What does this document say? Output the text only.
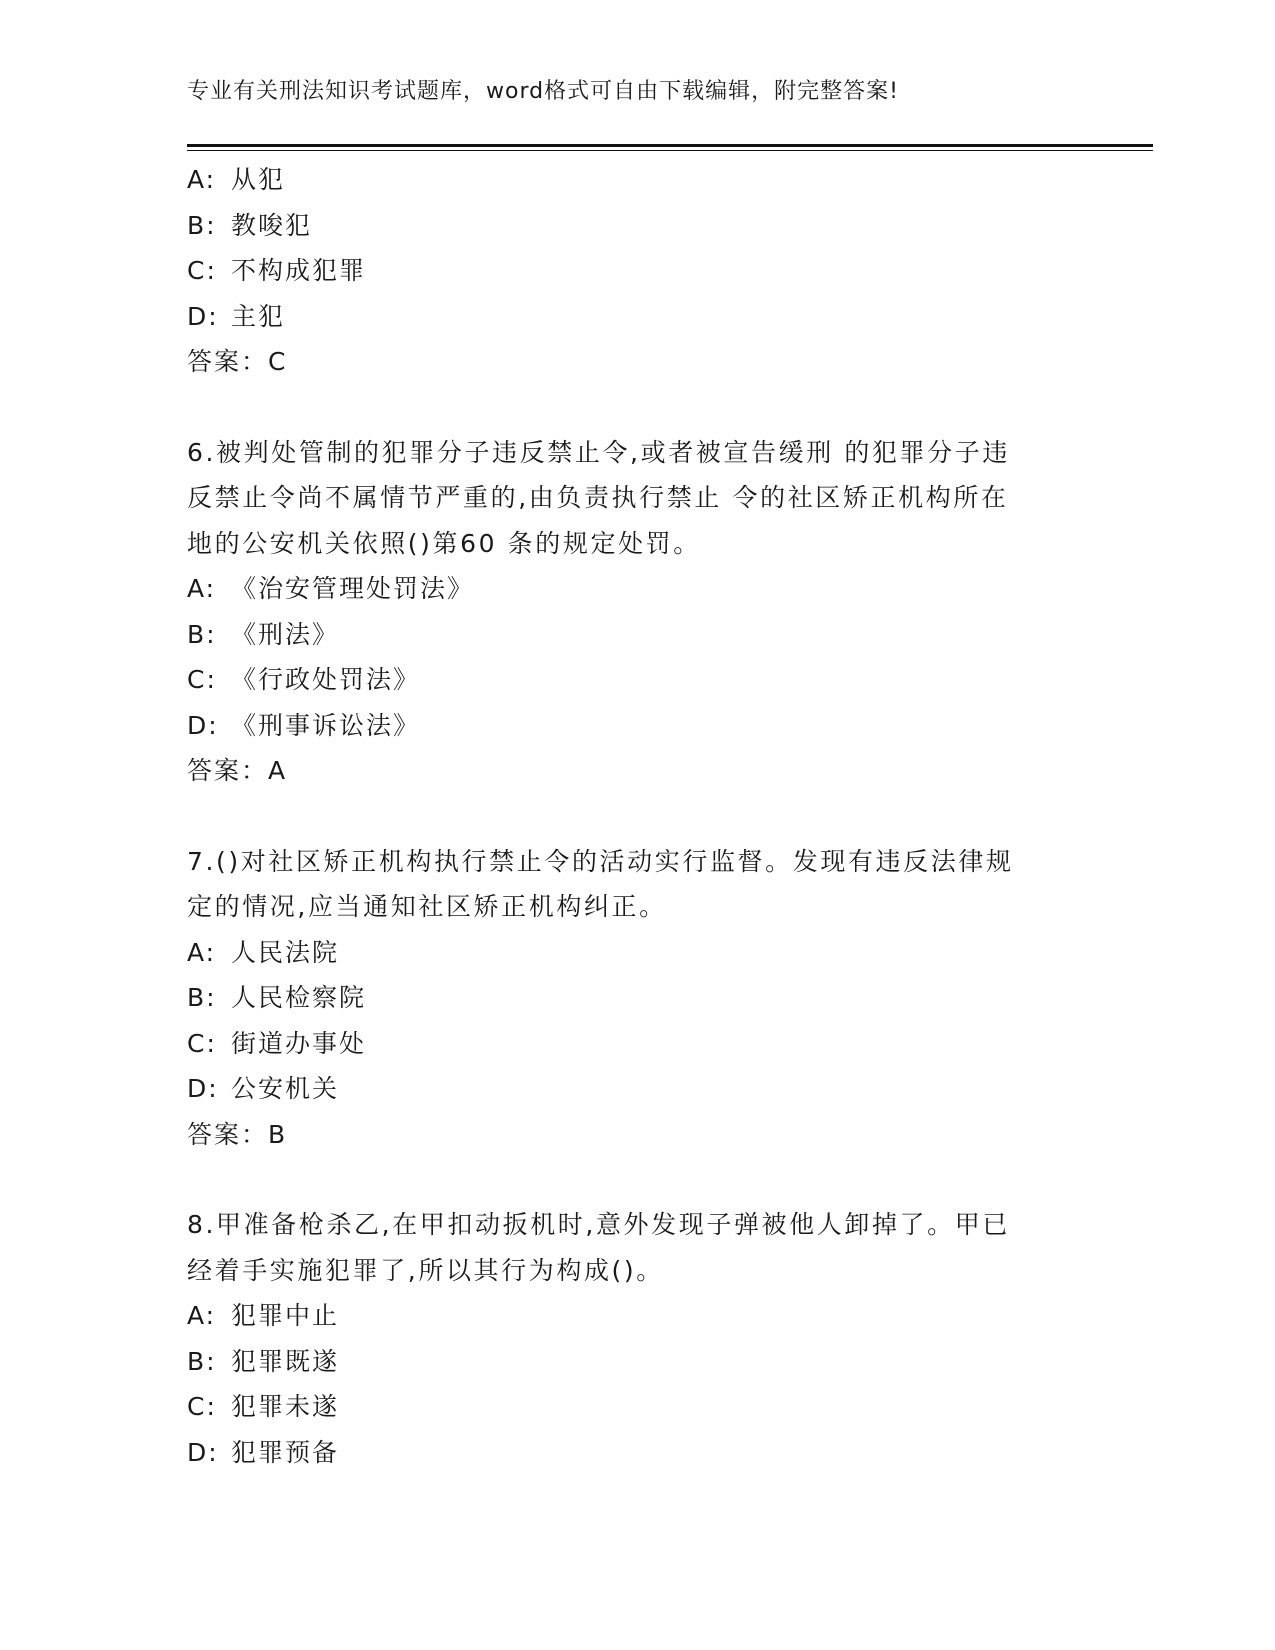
专业有关刑法知识考试题库，word格式可自由下载编辑，附完整答案!
A: 从犯
B: 教唆犯
C: 不构成犯罪
D: 主犯
答案：C
6.被判处管制的犯罪分子违反禁止令,或者被宣告缓刑 的犯罪分子违
反禁止令尚不属情节严重的,由负责执行禁止 令的社区矫正机构所在
地的公安机关依照()第60 条的规定处罚。
A: 《治安管理处罚法》
B: 《刑法》
C: 《行政处罚法》
D: 《刑事诉讼法》
答案：A
7.()对社区矫正机构执行禁止令的活动实行监督。发现有违反法律规
定的情况,应当通知社区矫正机构纠正。
A: 人民法院
B: 人民检察院
C: 街道办事处
D: 公安机关
答案：B
8.甲准备枪杀乙,在甲扣动扳机时,意外发现子弹被他人卸掉了。甲已
经着手实施犯罪了,所以其行为构成()。
A: 犯罪中止
B: 犯罪既遂
C: 犯罪未遂
D: 犯罪预备
